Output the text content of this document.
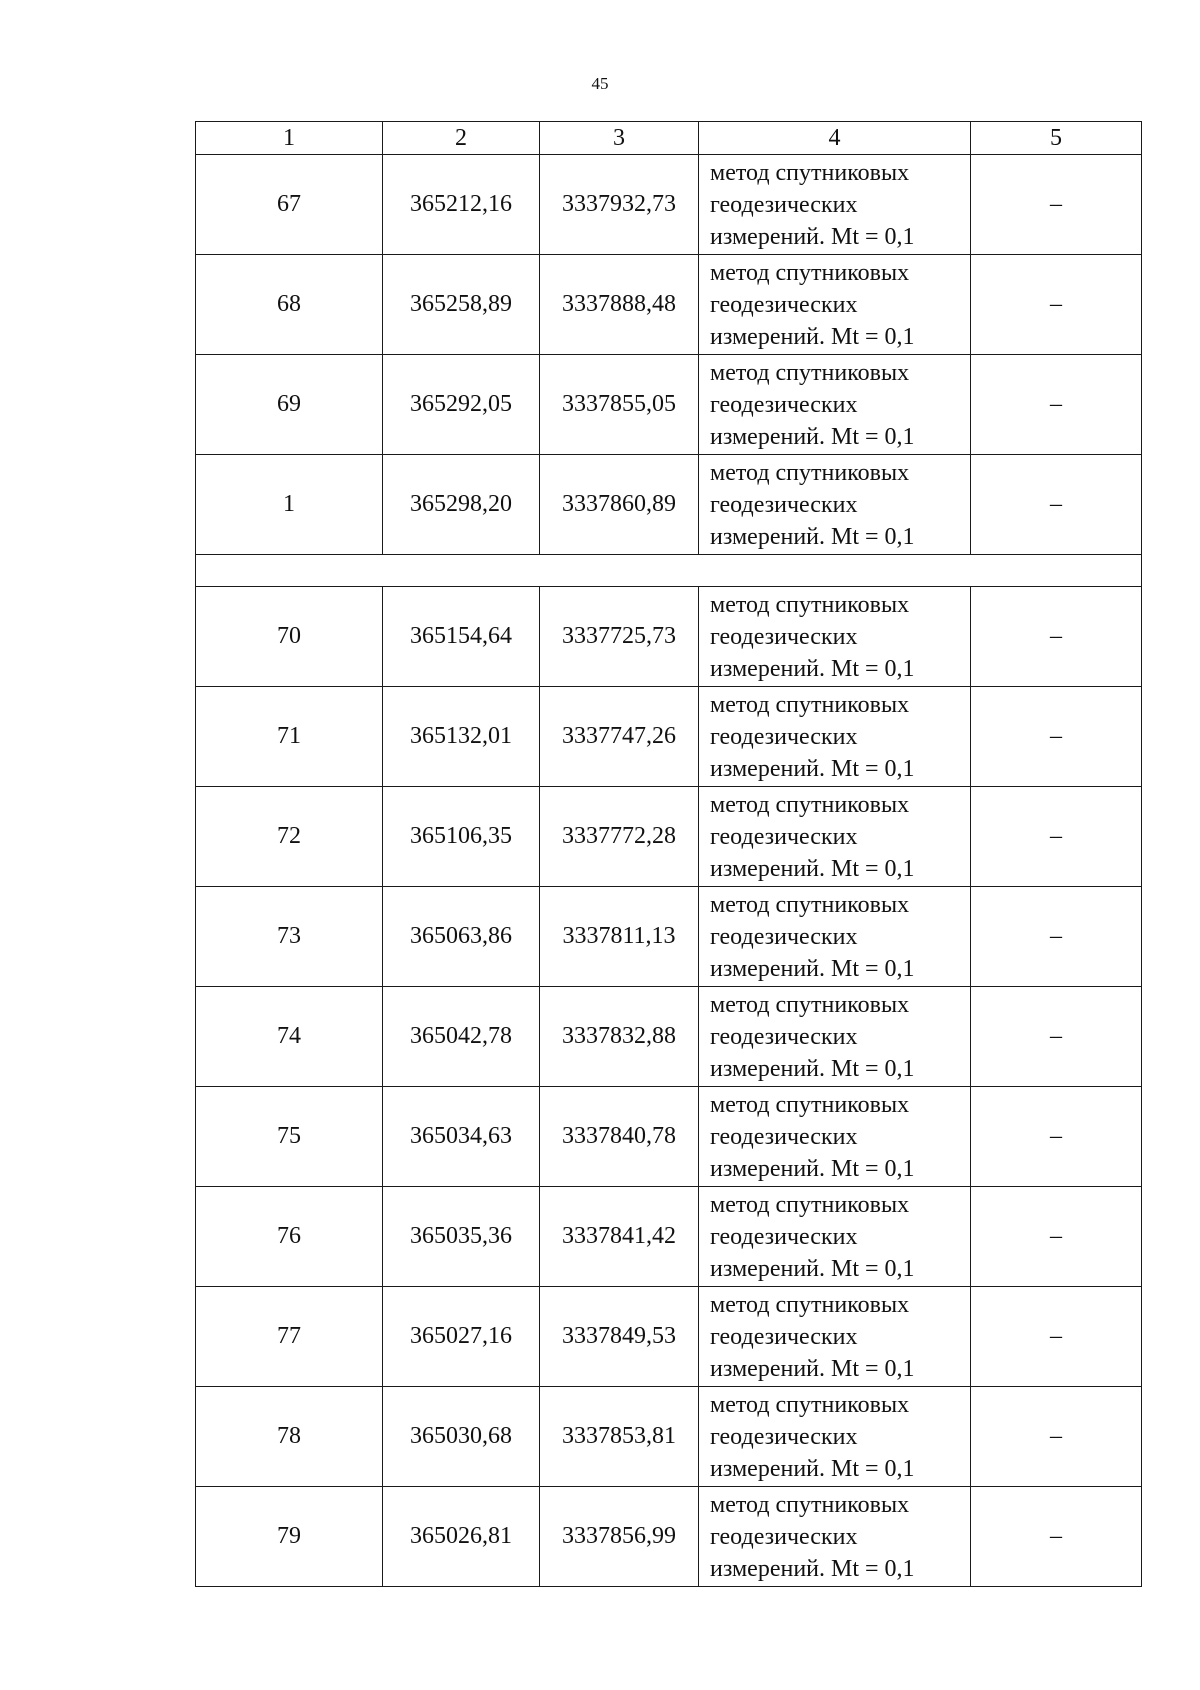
45
1	2	3	4	5
67	365212,16	3337932,73	метод спутниковых
геодезических
измерений. Mt = 0,1	–
68	365258,89	3337888,48	метод спутниковых
геодезических
измерений. Mt = 0,1	–
69	365292,05	3337855,05	метод спутниковых
геодезических
измерений. Mt = 0,1	–
1	365298,20	3337860,89	метод спутниковых
геодезических
измерений. Mt = 0,1	–

70	365154,64	3337725,73	метод спутниковых
геодезических
измерений. Mt = 0,1	–
71	365132,01	3337747,26	метод спутниковых
геодезических
измерений. Mt = 0,1	–
72	365106,35	3337772,28	метод спутниковых
геодезических
измерений. Mt = 0,1	–
73	365063,86	3337811,13	метод спутниковых
геодезических
измерений. Mt = 0,1	–
74	365042,78	3337832,88	метод спутниковых
геодезических
измерений. Mt = 0,1	–
75	365034,63	3337840,78	метод спутниковых
геодезических
измерений. Mt = 0,1	–
76	365035,36	3337841,42	метод спутниковых
геодезических
измерений. Mt = 0,1	–
77	365027,16	3337849,53	метод спутниковых
геодезических
измерений. Mt = 0,1	–
78	365030,68	3337853,81	метод спутниковых
геодезических
измерений. Mt = 0,1	–
79	365026,81	3337856,99	метод спутниковых
геодезических
измерений. Mt = 0,1	–
